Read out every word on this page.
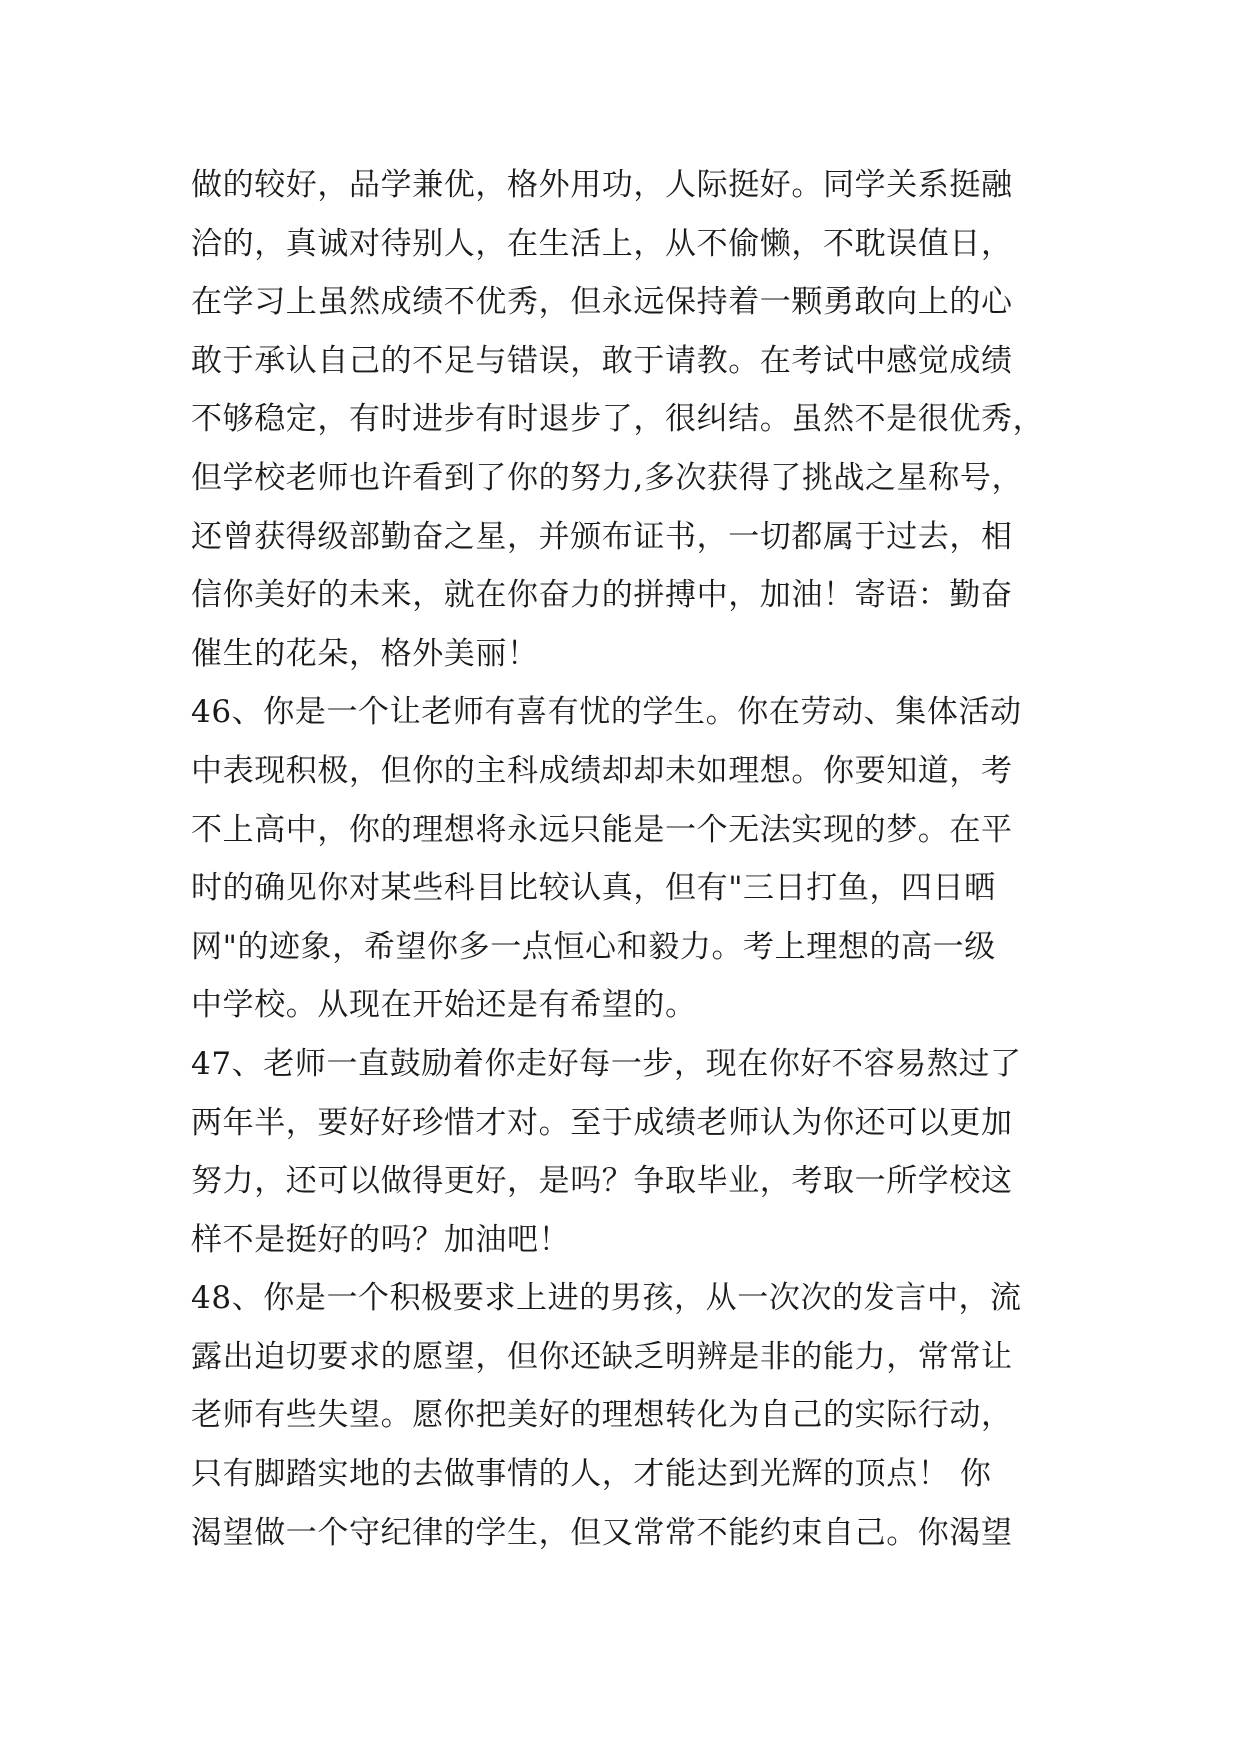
做的较好，品学兼优，格外用功，人际挺好。同学关系挺融
洽的，真诚对待别人，在生活上，从不偷懒，不耽误值日，
在学习上虽然成绩不优秀，但永远保持着一颗勇敢向上的心
敢于承认自己的不足与错误，敢于请教。在考试中感觉成绩
不够稳定，有时进步有时退步了，很纠结。虽然不是很优秀，
但学校老师也许看到了你的努力,多次获得了挑战之星称号，
还曾获得级部勤奋之星，并颁布证书，一切都属于过去，相
信你美好的未来，就在你奋力的拼搏中，加油！寄语：勤奋
催生的花朵，格外美丽！
46、你是一个让老师有喜有忧的学生。你在劳动、集体活动
中表现积极，但你的主科成绩却却未如理想。你要知道，考
不上高中，你的理想将永远只能是一个无法实现的梦。在平
时的确见你对某些科目比较认真，但有"三日打鱼，四日晒
网"的迹象，希望你多一点恒心和毅力。考上理想的高一级
中学校。从现在开始还是有希望的。
47、老师一直鼓励着你走好每一步，现在你好不容易熬过了
两年半，要好好珍惜才对。至于成绩老师认为你还可以更加
努力，还可以做得更好，是吗？争取毕业，考取一所学校这
样不是挺好的吗？加油吧！
48、你是一个积极要求上进的男孩，从一次次的发言中，流
露出迫切要求的愿望，但你还缺乏明辨是非的能力，常常让
老师有些失望。愿你把美好的理想转化为自己的实际行动，
只有脚踏实地的去做事情的人，才能达到光辉的顶点！ 你
渴望做一个守纪律的学生，但又常常不能约束自己。你渴望
